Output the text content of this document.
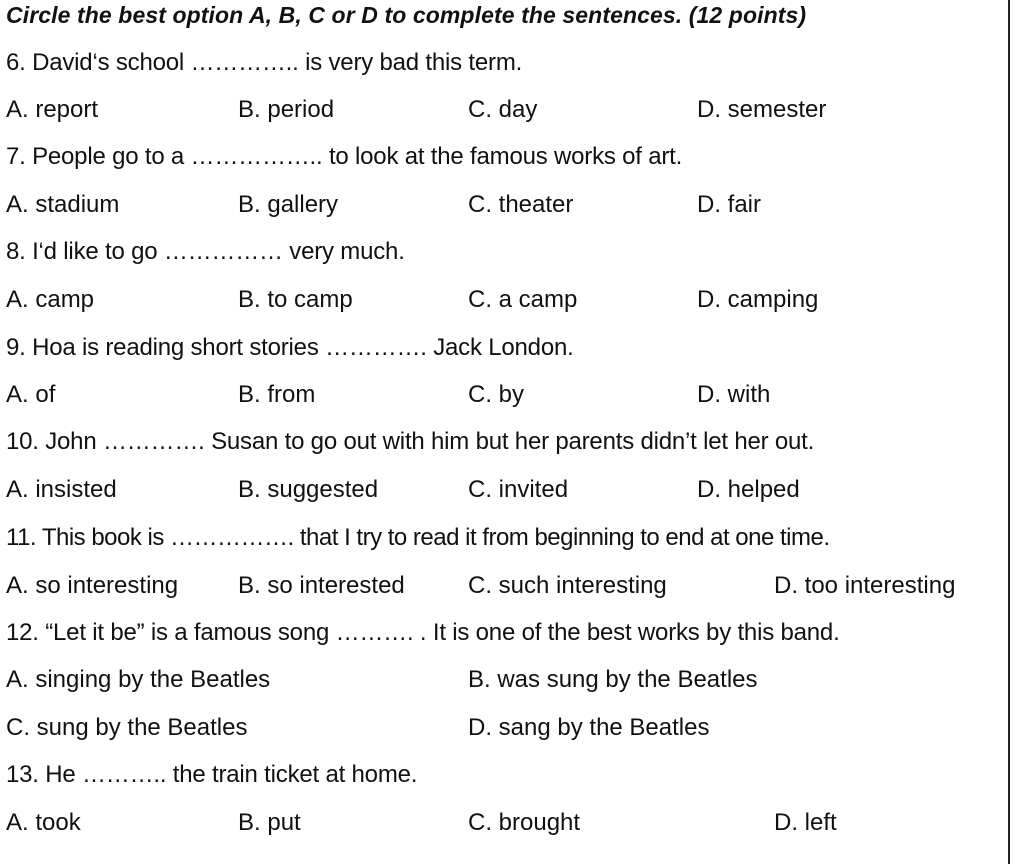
Circle the best option A, B, C or D to complete the sentences. (12 points)
6. David‘s school ………….. is very bad this term.
A. report	B. period	C. day	D. semester
7. People go to a …………….. to look at the famous works of art.
A. stadium	B. gallery	C. theater	D. fair
8. I‘d like to go …………… very much.
A. camp	B. to camp	C. a camp	D. camping
9. Hoa is reading short stories …………. Jack London.
A. of	B. from	C. by	D. with
10. John …………. Susan to go out with him but her parents didn’t let her out.
A. insisted	B. suggested	C. invited	D. helped
11. This book is ……………. that I try to read it from beginning to end at one time.
A. so interesting B. so interested	C. such interesting	D. too interesting
12. “Let it be” is a famous song ………. . It is one of the best works by this band.
A. singing by the Beatles	B. was sung by the Beatles
C. sung by the Beatles	D. sang by the Beatles
13. He ……….. the train ticket at home.
A. took	B. put	C. brought	D. left
